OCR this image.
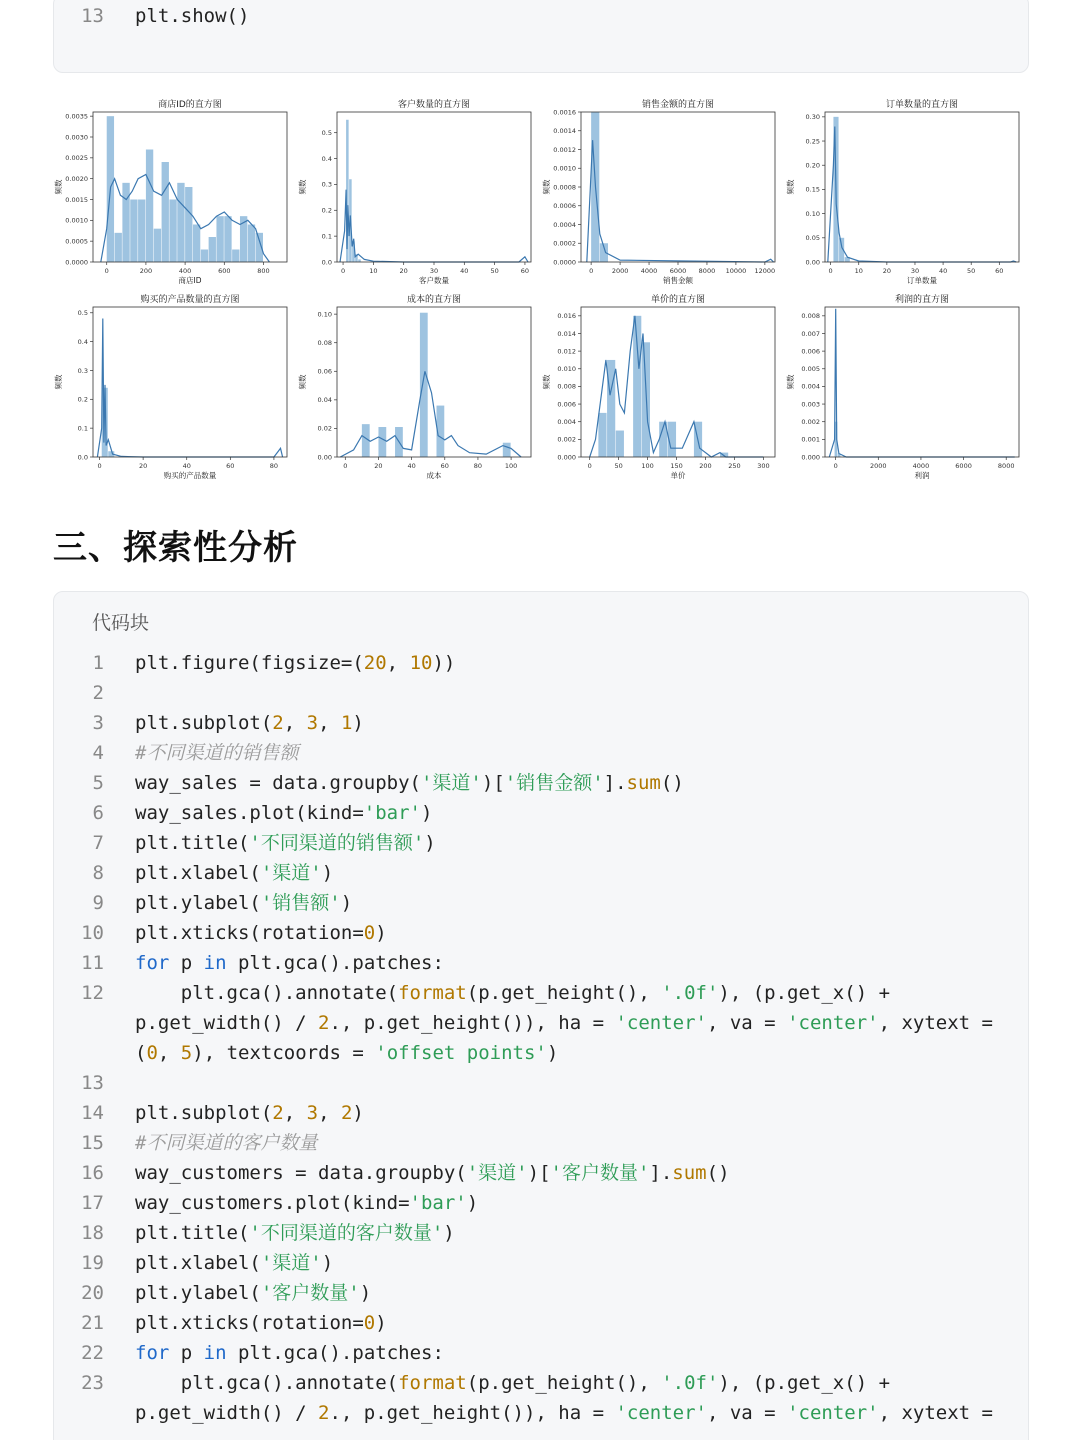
13 plt.show()
商店ID的直方图
0	200	400	600	800
0.0000
0.0005
0.0010
0.0015
0.0020
0.0025
0.0030
0.0035
商店ID
频数
客户数量的直方图
0	10	20	30	40	50	60
0.0
0.1
0.2
0.3
0.4
0.5
客户数量
频数
销售金额的直方图
0	2000 4000 6000 8000 10000 12000
0.0000
0.0002
0.0004
0.0006
0.0008
0.0010
0.0012
0.0014
0.0016
销售金额
频数
订单数量的直方图
0	10	20	30	40	50	60
0.00
0.05
0.10
0.15
0.20
0.25
0.30
订单数量
频数
购买的产品数量的直方图
0	20	40	60	80
0.0
0.1
0.2
0.3
0.4
0.5
购买的产品数量
频数
成本的直方图
0	20	40	60	80	100
0.00
0.02
0.04
0.06
0.08
0.10
成本
频数
单价的直方图
0	50	100	150	200	250	300
0.000
0.002
0.004
0.006
0.008
0.010
0.012
0.014
0.016
单价
频数
利润的直方图
0	2000	4000	6000	8000
0.000
0.001
0.002
0.003
0.004
0.005
0.006
0.007
0.008
利润
频数
三、探索性分析
代码块
1 plt.figure(figsize=(20, 10))
2
3 plt.subplot(2, 3, 1)
4 #不同渠道的销售额
5 way_sales = data.groupby('渠道')['销售金额'].sum()
6 way_sales.plot(kind='bar')
7 plt.title('不同渠道的销售额')
8 plt.xlabel('渠道')
9 plt.ylabel('销售额')
10 plt.xticks(rotation=0)
11 for p in plt.gca().patches:
12 plt.gca().annotate(format(p.get_height(), '.0f'), (p.get_x() +
p.get_width() / 2., p.get_height()), ha = 'center', va = 'center', xytext =
(0, 5), textcoords = 'offset points')
13
14 plt.subplot(2, 3, 2)
15 #不同渠道的客户数量
16 way_customers = data.groupby('渠道')['客户数量'].sum()
17 way_customers.plot(kind='bar')
18 plt.title('不同渠道的客户数量')
19 plt.xlabel('渠道')
20 plt.ylabel('客户数量')
21 plt.xticks(rotation=0)
22 for p in plt.gca().patches:
23 plt.gca().annotate(format(p.get_height(), '.0f'), (p.get_x() +
p.get_width() / 2., p.get_height()), ha = 'center', va = 'center', xytext =
